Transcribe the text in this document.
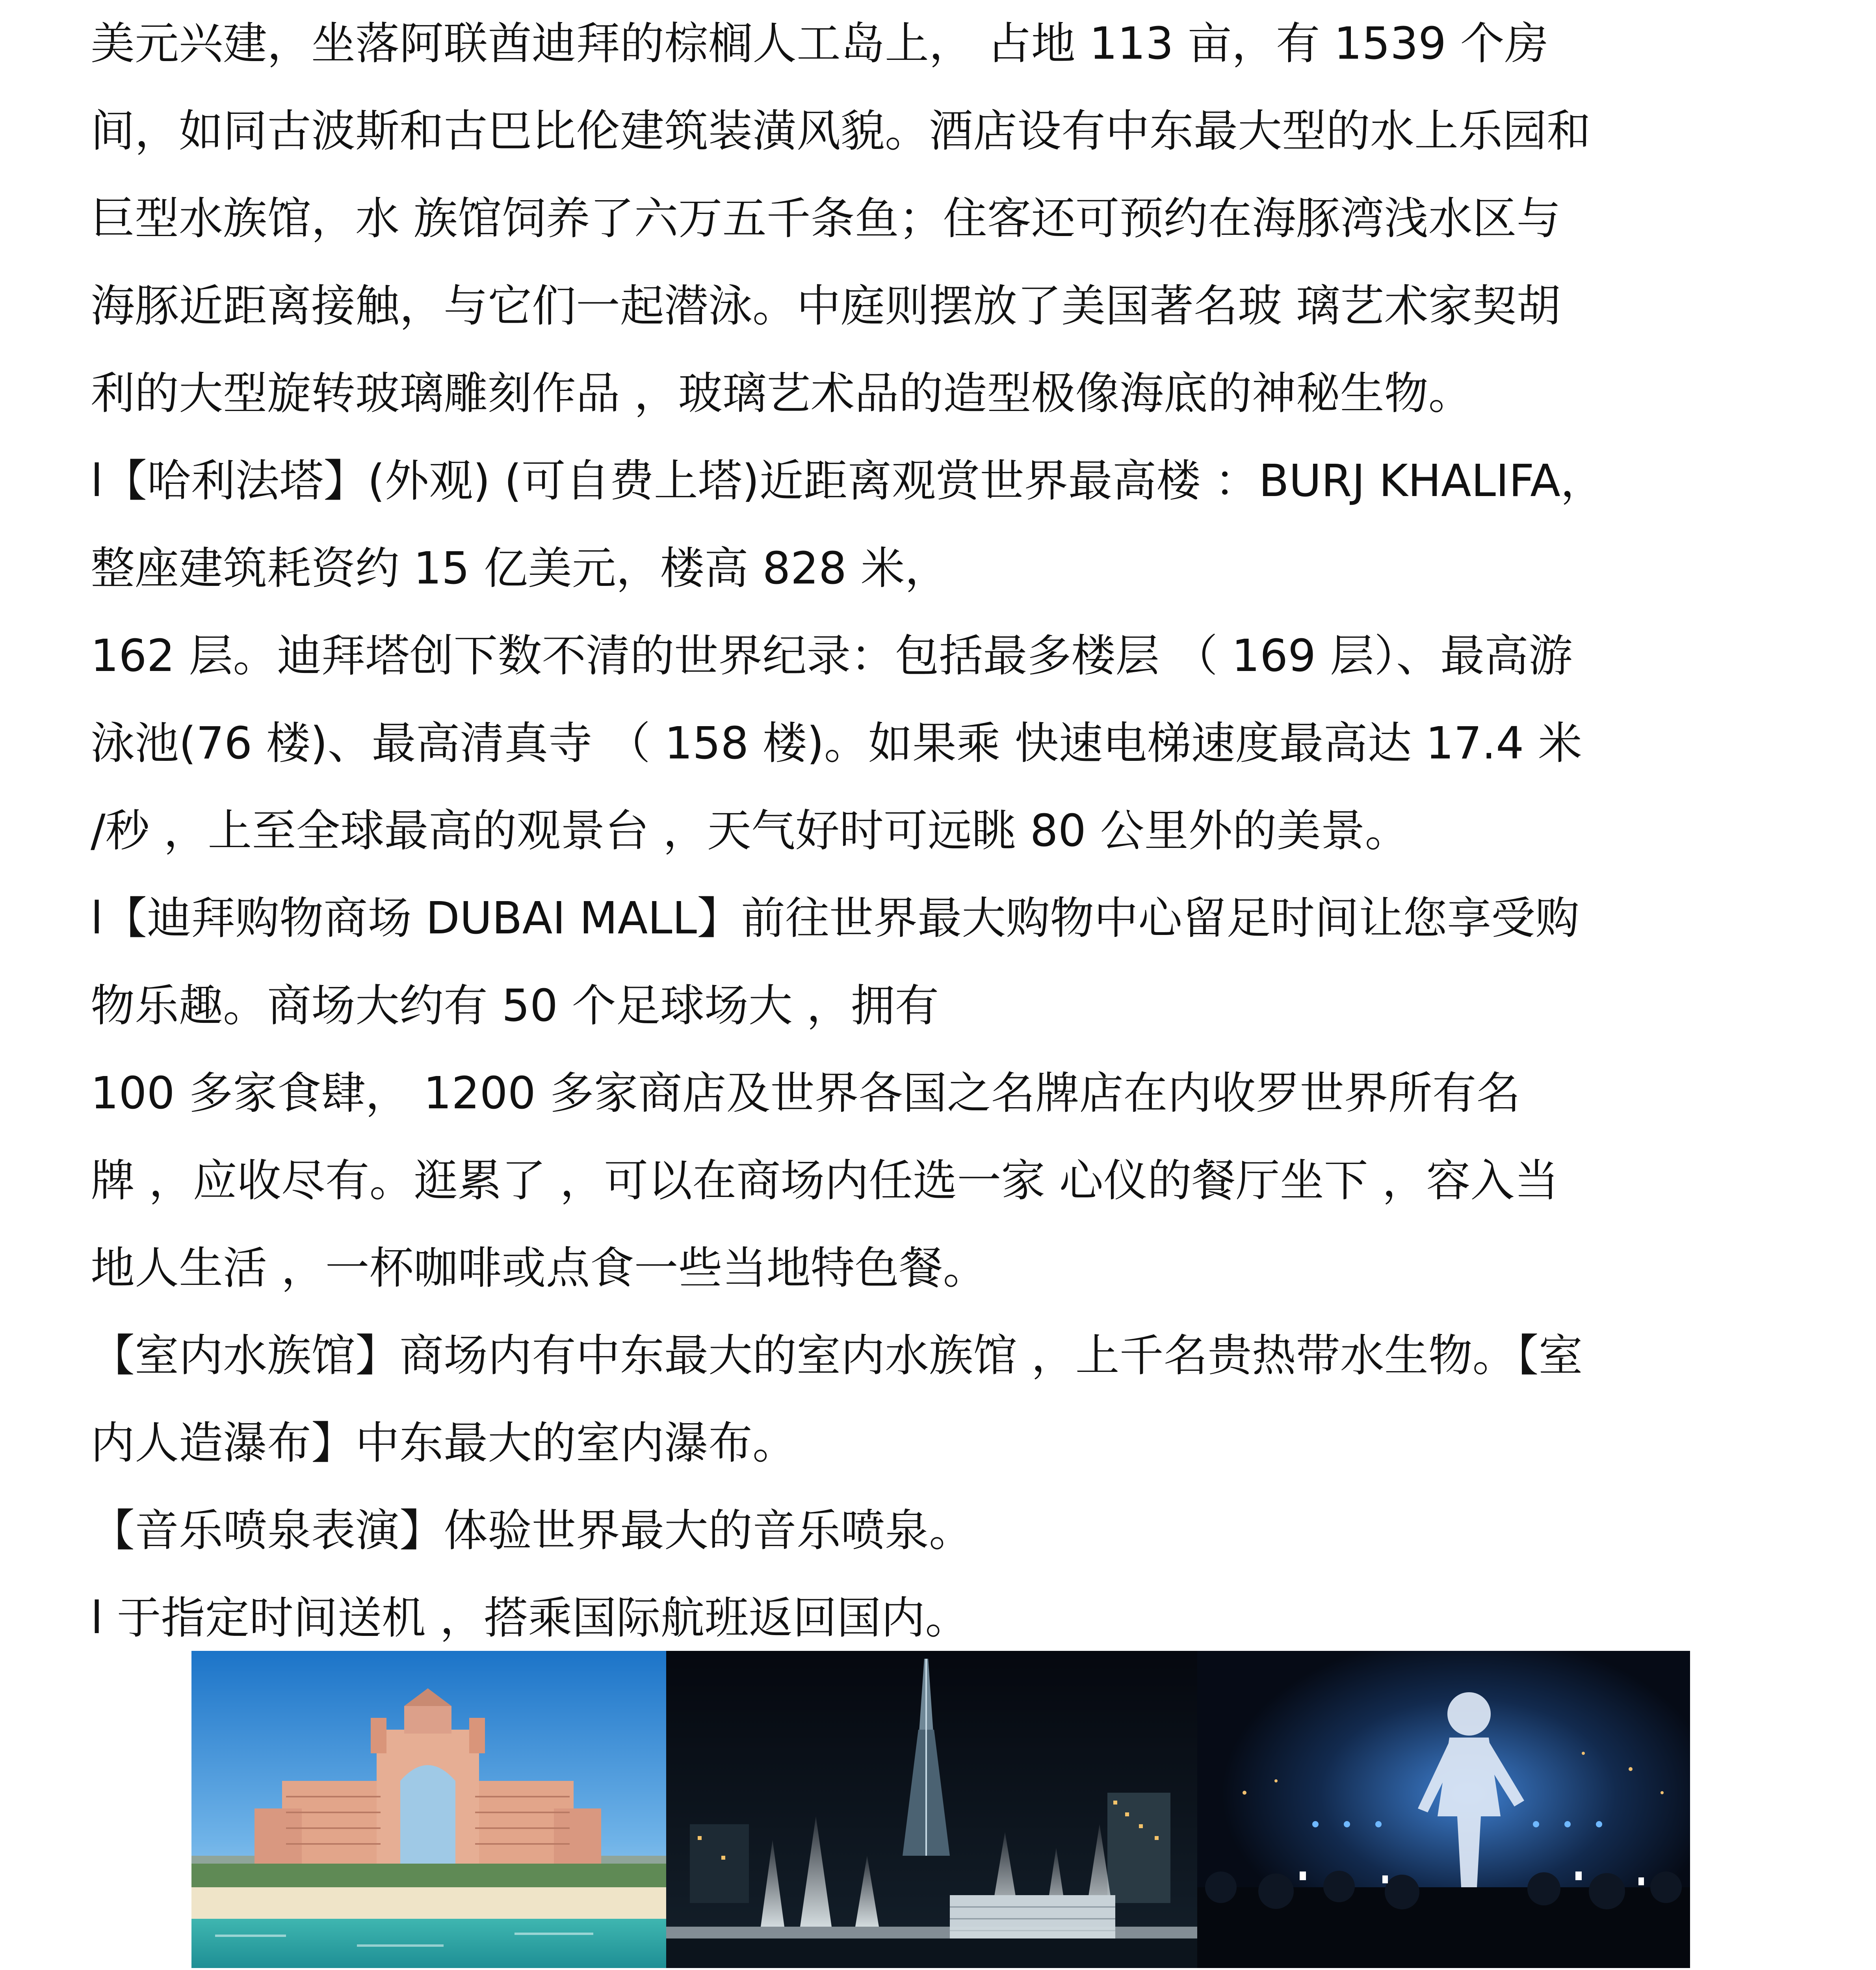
美元兴建，坐落阿联酋迪拜的棕榈人工岛上， 占地 113 亩，有 1539 个房
间，如同古波斯和古巴比伦建筑装潢风貌。酒店设有中东最大型的水上乐园和
巨型水族馆，水 族馆饲养了六万五千条鱼；住客还可预约在海豚湾浅水区与
海豚近距离接触，与它们一起潜泳。中庭则摆放了美国著名玻 璃艺术家契胡
利的大型旋转玻璃雕刻作品 ，玻璃艺术品的造型极像海底的神秘生物。
l【哈利法塔】(外观) (可自费上塔)近距离观赏世界最高楼 ：BURJ KHALIFA，
整座建筑耗资约 15 亿美元，楼高 828 米，
162 层。迪拜塔创下数不清的世界纪录：包括最多楼层 （ 169 层）、最高游
泳池(76 楼)、最高清真寺 （ 158 楼)。如果乘 快速电梯速度最高达 17.4 米
/秒 ，上至全球最高的观景台 ，天气好时可远眺 80 公里外的美景。
l【迪拜购物商场 DUBAI MALL】前往世界最大购物中心留足时间让您享受购
物乐趣。商场大约有 50 个足球场大 ，拥有
100 多家食肆， 1200 多家商店及世界各国之名牌店在内收罗世界所有名
牌 ，应收尽有。逛累了 ，可以在商场内任选一家 心仪的餐厅坐下 ，容入当
地人生活 ，一杯咖啡或点食一些当地特色餐。
【室内水族馆】商场内有中东最大的室内水族馆 ，上千名贵热带水生物。【室
内人造瀑布】中东最大的室内瀑布。
【音乐喷泉表演】体验世界最大的音乐喷泉。
l 于指定时间送机 ，搭乘国际航班返回国内。
